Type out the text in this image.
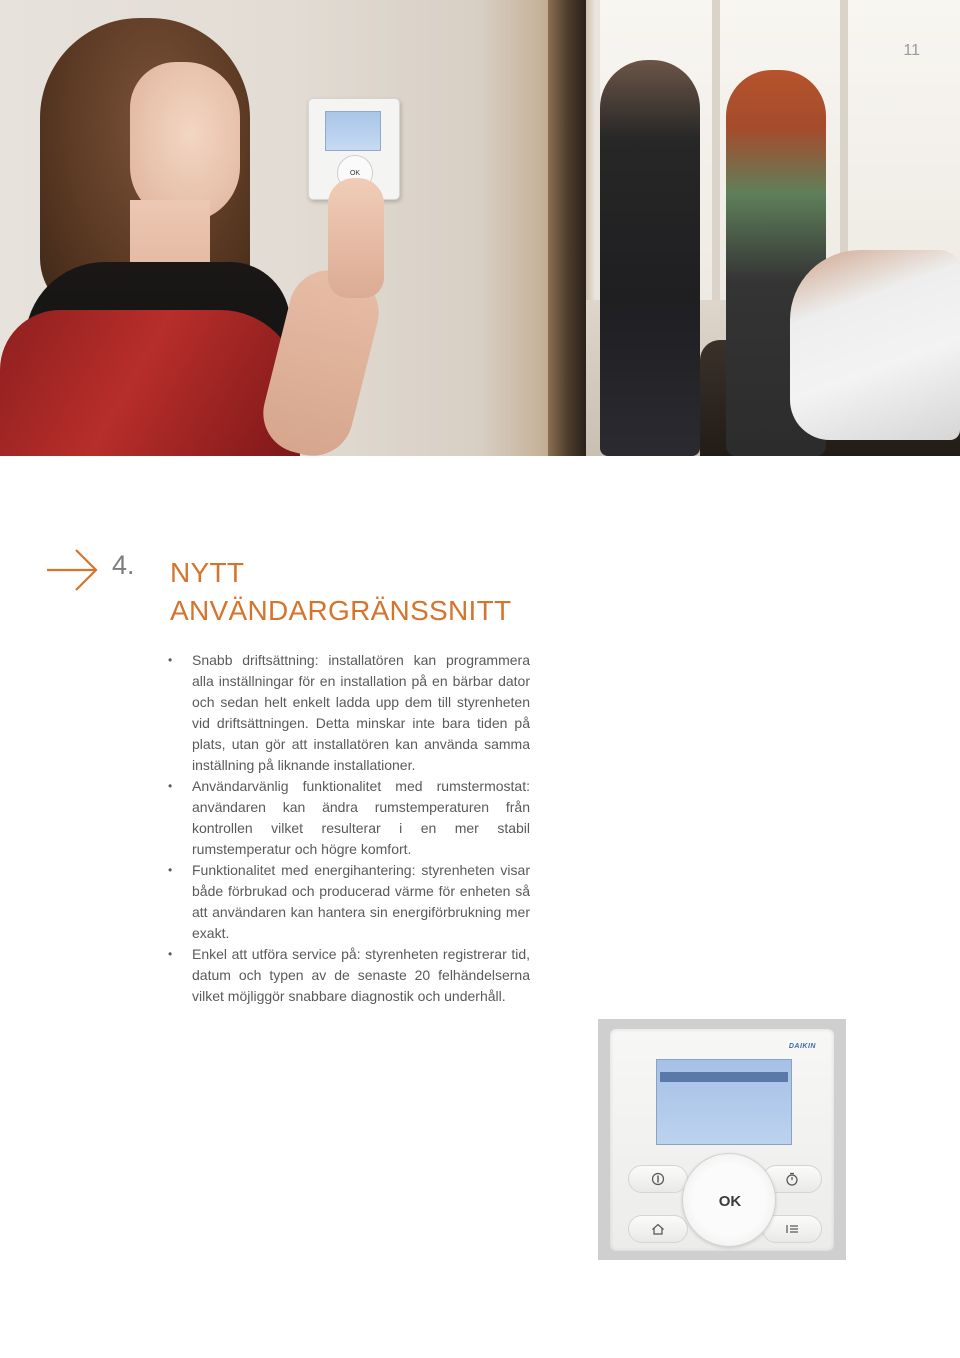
OK
11
4. NYTT
ANVÄNDARGRÄNSSNITT
• Snabb driftsättning: installatören kan programmera alla inställningar för en installation på en bärbar dator och sedan helt enkelt ladda upp dem till styrenheten vid driftsättningen. Detta minskar inte bara tiden på plats, utan gör att installatören kan använda samma inställning på liknande installationer.
• Användarvänlig funktionalitet med rumstermostat: användaren kan ändra rumstemperaturen från kontrollen vilket resulterar i en mer stabil rumstemperatur och högre komfort.
• Funktionalitet med energihantering: styrenheten visar både förbrukad och producerad värme för enheten så att användaren kan hantera sin energiförbrukning mer exakt.
• Enkel att utföra service på: styrenheten registrerar tid, datum och typen av de senaste 20 felhändelserna vilket möjliggör snabbare diagnostik och underhåll.
DAIKIN
OK
